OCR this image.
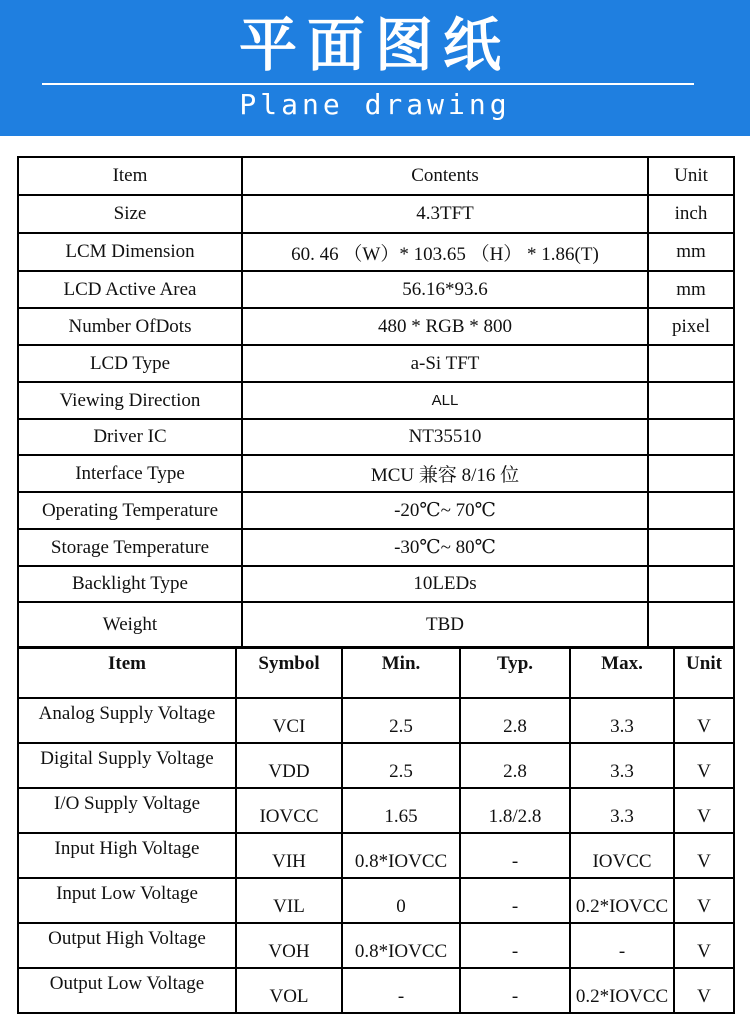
平面图纸
Plane drawing
Item	Contents	Unit
Size	4.3TFT	inch
LCM Dimension	60. 46 （W）* 103.65 （H） * 1.86(T)	mm
LCD Active Area	56.16*93.6	mm
Number OfDots	480 * RGB * 800	pixel
LCD Type	a-Si TFT	
Viewing Direction	ALL	
Driver IC	NT35510	
Interface Type	MCU 兼容 8/16 位	
Operating Temperature	-20℃~ 70℃	
Storage Temperature	-30℃~ 80℃	
Backlight Type	10LEDs	
Weight	TBD	
Item	Symbol	Min.	Typ.	Max.	Unit
Analog Supply Voltage	VCI	2.5	2.8	3.3	V
Digital Supply Voltage	VDD	2.5	2.8	3.3	V
I/O Supply Voltage	IOVCC	1.65	1.8/2.8	3.3	V
Input High Voltage	VIH	0.8*IOVCC	-	IOVCC	V
Input Low Voltage	VIL	0	-	0.2*IOVCC	V
Output High Voltage	VOH	0.8*IOVCC	-	-	V
Output Low Voltage	VOL	-	-	0.2*IOVCC	V
